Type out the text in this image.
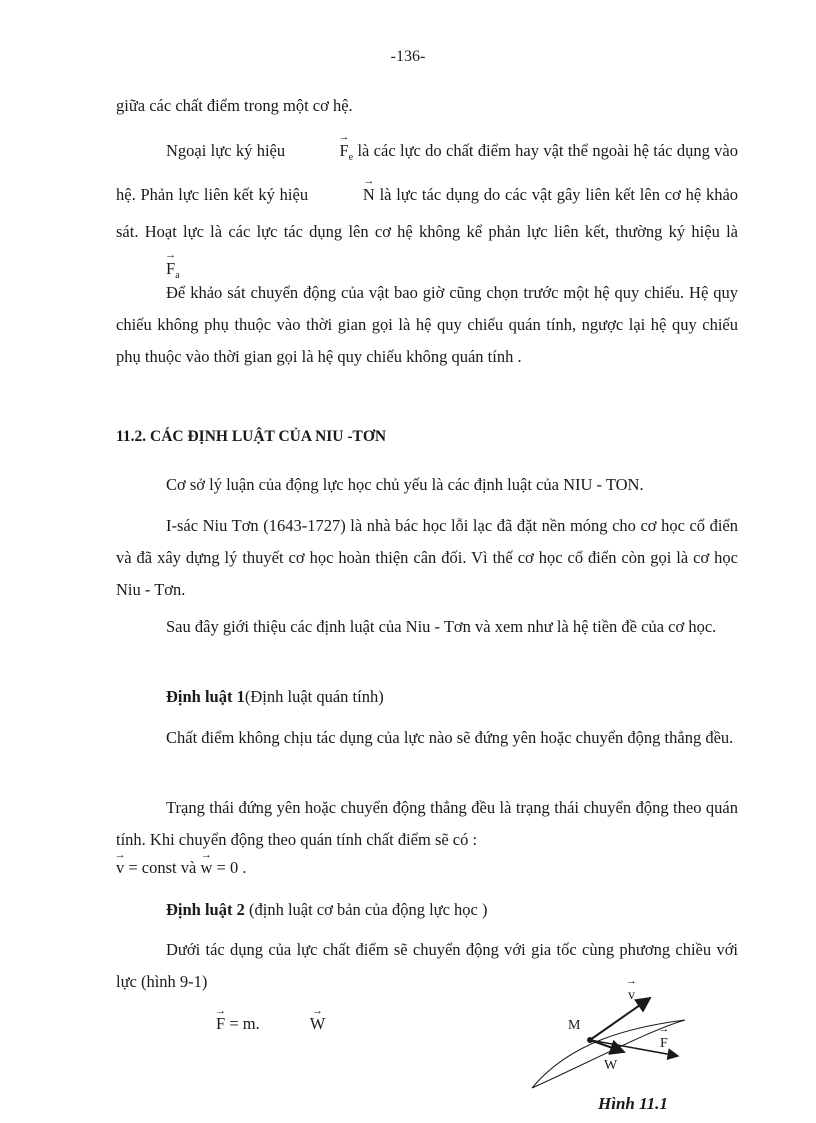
-136-
giữa các chất điểm trong một cơ hệ.
Ngoại lực ký hiệu	→ $F_e$ là các lực do chất điểm hay vật thể ngoài hệ tác dụng vào hệ. Phản lực liên kết ký hiệu	→ N là lực tác dụng do các vật gây liên kết lên cơ hệ khảo sát. Hoạt lực là các lực tác dụng lên cơ hệ không kể phản lực liên kết, thường ký hiệu là → $F_a$
Để khảo sát chuyển động của vật bao giờ cũng chọn trước một hệ quy chiếu. Hệ quy chiếu không phụ thuộc vào thời gian gọi là hệ quy chiếu quán tính, ngược lại hệ quy chiếu phụ thuộc vào thời gian gọi là hệ quy chiếu không quán tính .
11.2. CÁC ĐỊNH LUẬT CỦA NIU -TƠN
Cơ sở lý luận của động lực học chủ yếu là các định luật của NIU - TON.
I-sác Niu Tơn (1643-1727) là nhà bác học lỗi lạc đã đặt nền móng cho cơ học cổ điển và đã xây dựng lý thuyết cơ học hoàn thiện cân đối. Vì thế cơ học cổ điển còn gọi là cơ học Niu - Tơn.
Sau đây giới thiệu các định luật của Niu - Tơn và xem như là hệ tiền đề của cơ học.
Định luật 1(Định luật quán tính)
Chất điểm không chịu tác dụng của lực nào sẽ đứng yên hoặc chuyển động thẳng đều.
Trạng thái đứng yên hoặc chuyển động thẳng đều là trạng thái chuyển động theo quán tính. Khi chuyển động theo quán tính chất điểm sẽ có :
→ v = const và → w = 0 .
Định luật 2 (định luật cơ bản của động lực học )
Dưới tác dụng của lực chất điểm sẽ chuyển động với gia tốc cùng phương chiều với lực (hình 9-1)
→ F = m.	→ W	M
→ v
→ F
→ W
Hình 11.1
